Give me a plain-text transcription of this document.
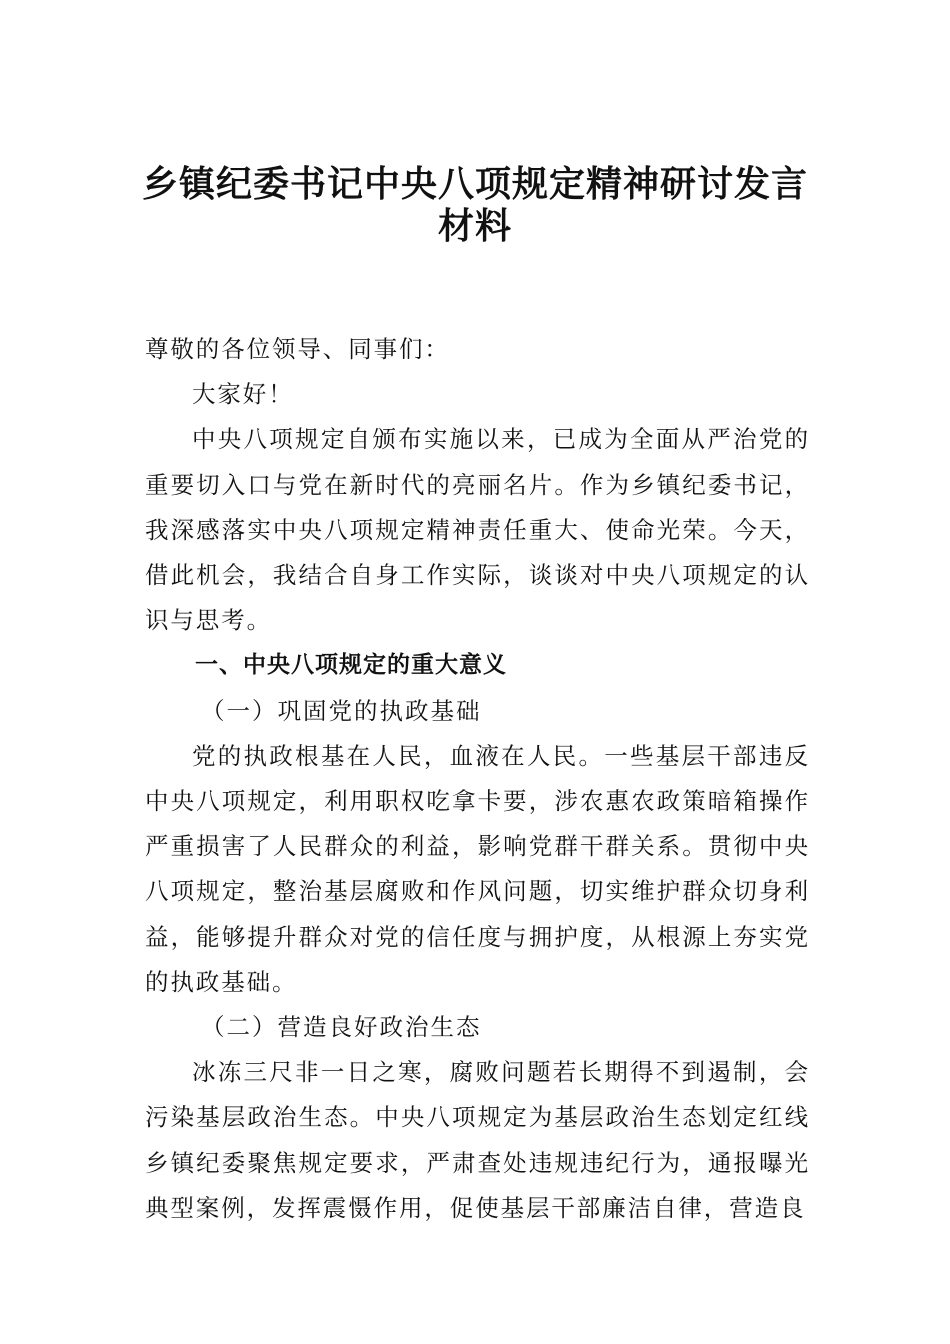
乡镇纪委书记中央八项规定精神研讨发言
材料

尊敬的各位领导、同事们：

大家好！

中央八项规定自颁布实施以来，已成为全面从严治党的重要切入口与党在新时代的亮丽名片。作为乡镇纪委书记，我深感落实中央八项规定精神责任重大、使命光荣。今天，借此机会，我结合自身工作实际，谈谈对中央八项规定的认识与思考。

一、中央八项规定的重大意义

（一）巩固党的执政基础

党的执政根基在人民，血液在人民。一些基层干部违反中央八项规定，利用职权吃拿卡要，涉农惠农政策暗箱操作严重损害了人民群众的利益，影响党群干群关系。贯彻中央八项规定，整治基层腐败和作风问题，切实维护群众切身利益，能够提升群众对党的信任度与拥护度，从根源上夯实党的执政基础。

（二）营造良好政治生态

冰冻三尺非一日之寒，腐败问题若长期得不到遏制，会污染基层政治生态。中央八项规定为基层政治生态划定红线乡镇纪委聚焦规定要求，严肃查处违规违纪行为，通报曝光典型案例，发挥震慑作用，促使基层干部廉洁自律，营造良
